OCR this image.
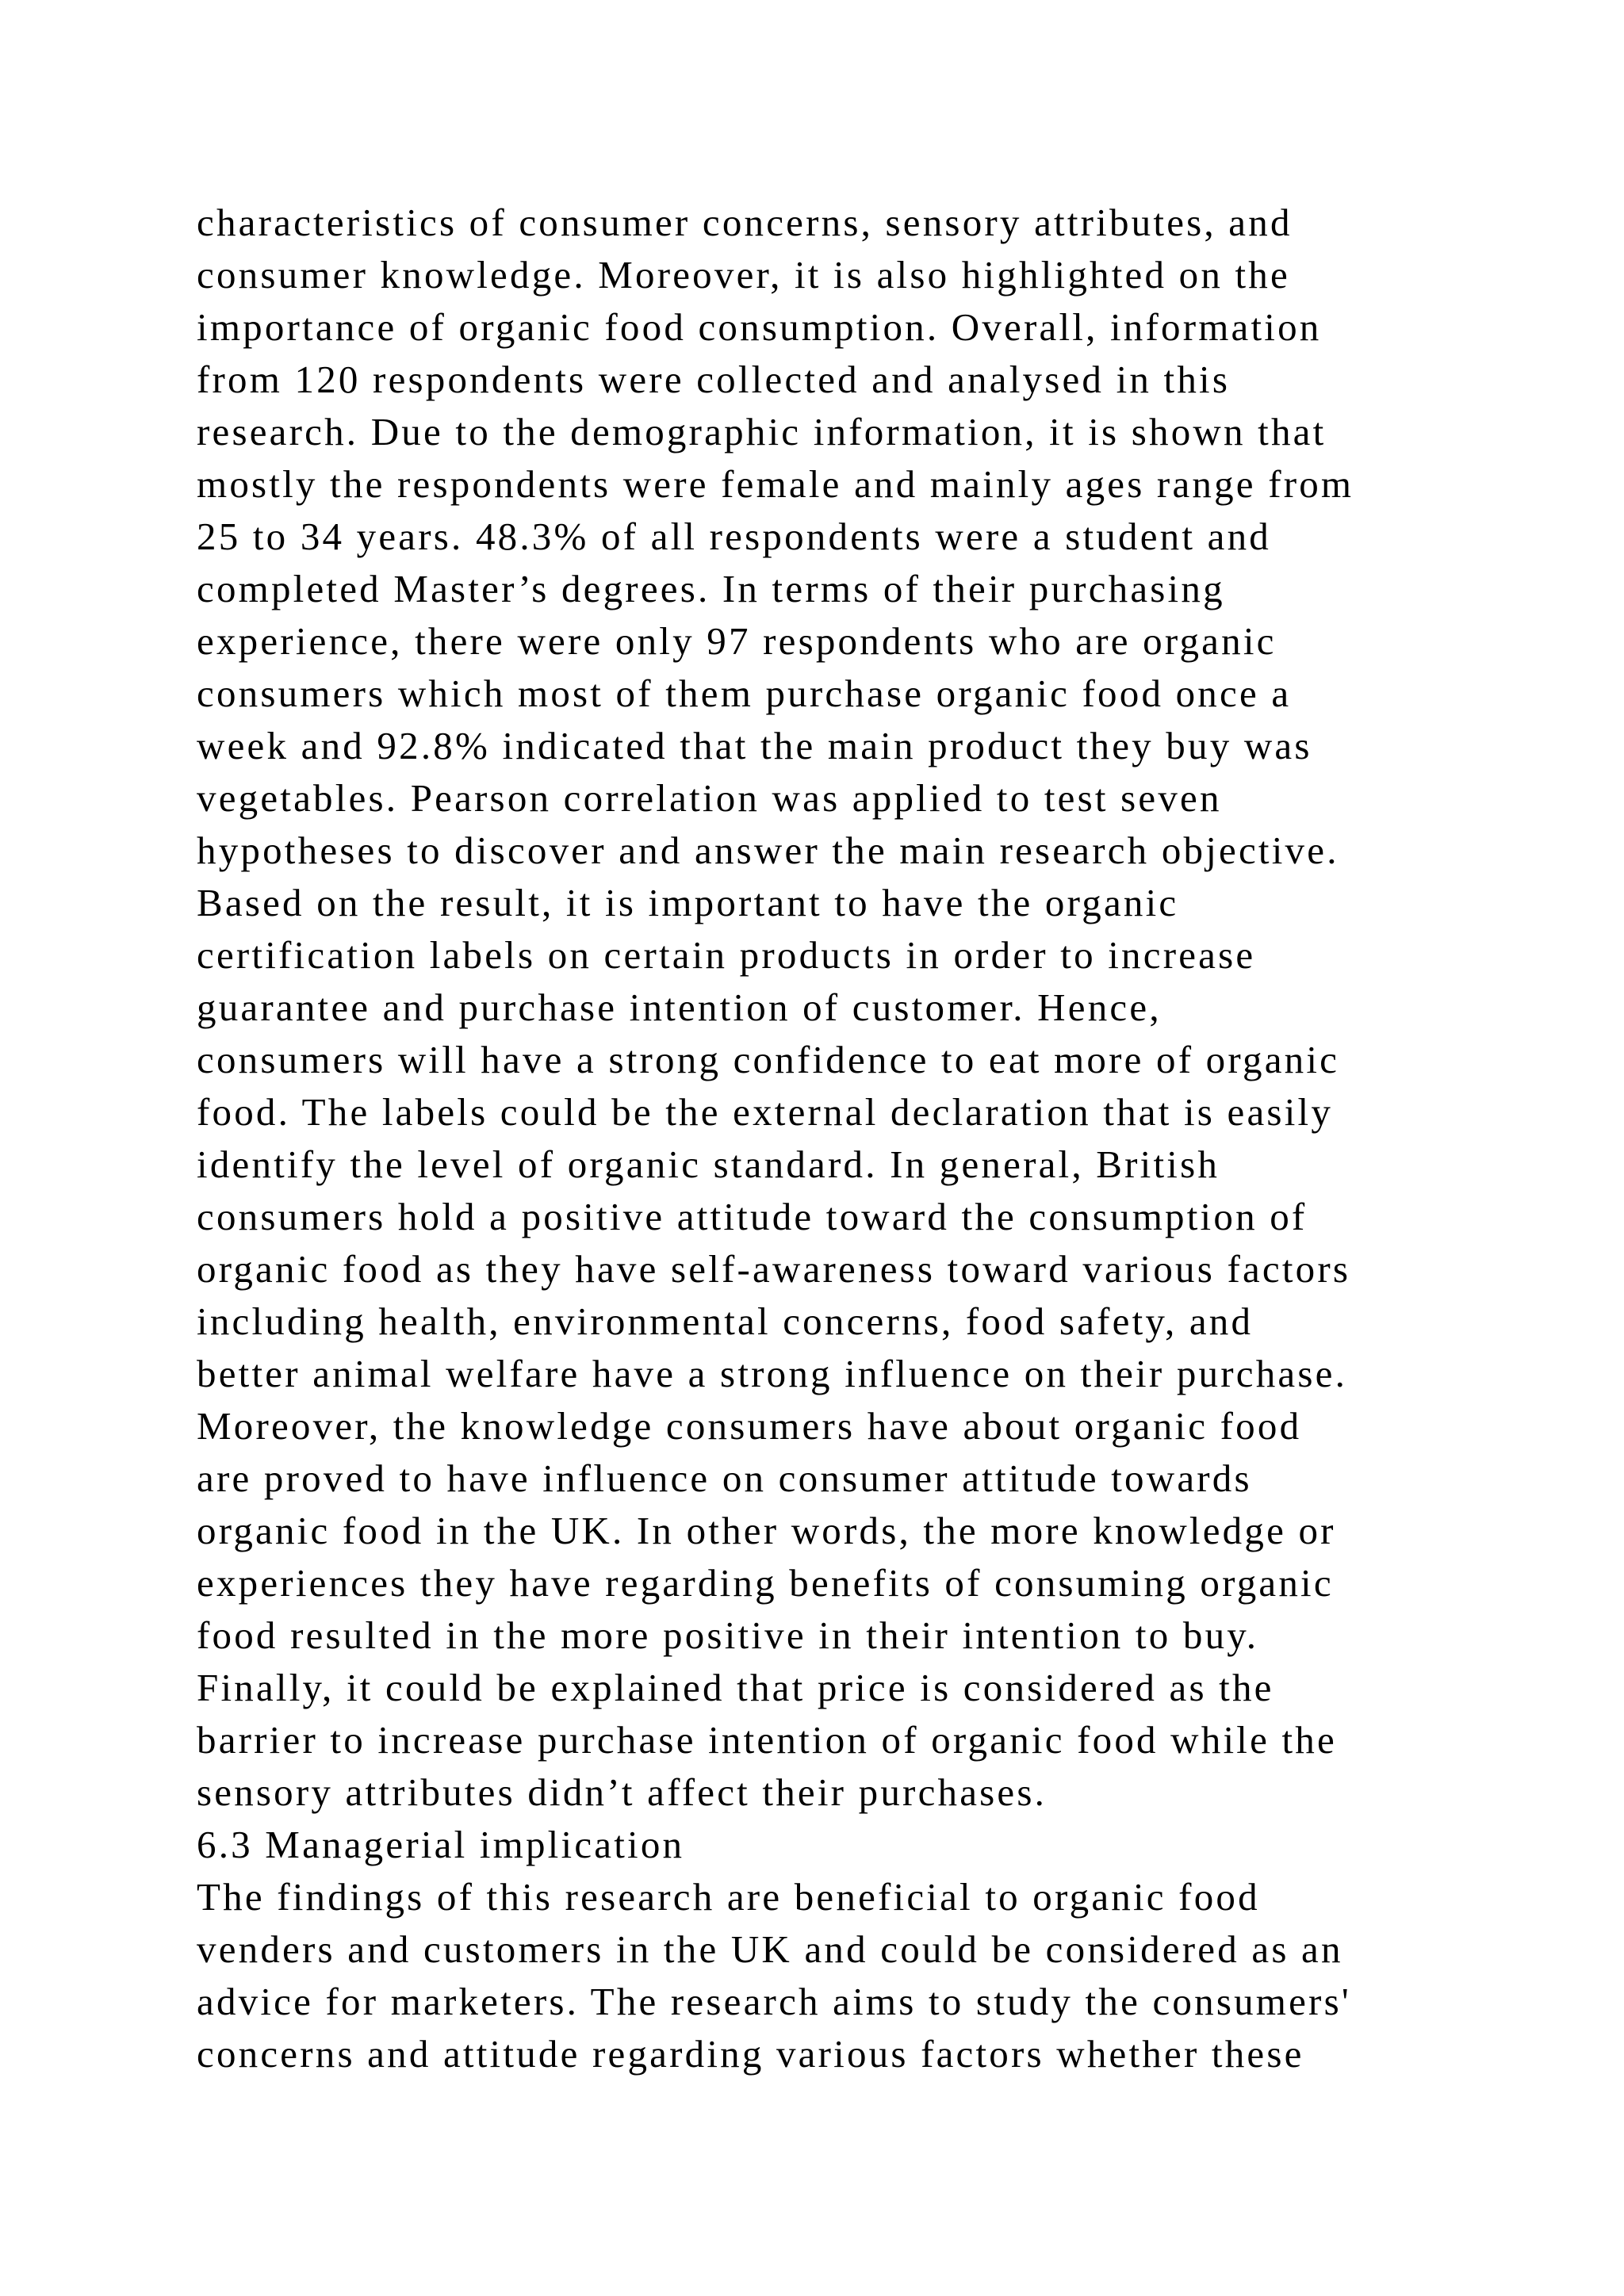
characteristics of consumer concerns, sensory attributes, and
consumer knowledge. Moreover, it is also highlighted on the
importance of organic food consumption. Overall, information
from 120 respondents were collected and analysed in this
research. Due to the demographic information, it is shown that
mostly the respondents were female and mainly ages range from
25 to 34 years. 48.3% of all respondents were a student and
completed Master’s degrees. In terms of their purchasing
experience, there were only 97 respondents who are organic
consumers which most of them purchase organic food once a
week and 92.8% indicated that the main product they buy was
vegetables. Pearson correlation was applied to test seven
hypotheses to discover and answer the main research objective.
Based on the result, it is important to have the organic
certification labels on certain products in order to increase
guarantee and purchase intention of customer. Hence,
consumers will have a strong confidence to eat more of organic
food. The labels could be the external declaration that is easily
identify the level of organic standard. In general, British
consumers hold a positive attitude toward the consumption of
organic food as they have self-awareness toward various factors
including health, environmental concerns, food safety, and
better animal welfare have a strong influence on their purchase.
Moreover, the knowledge consumers have about organic food
are proved to have influence on consumer attitude towards
organic food in the UK. In other words, the more knowledge or
experiences they have regarding benefits of consuming organic
food resulted in the more positive in their intention to buy.
Finally, it could be explained that price is considered as the
barrier to increase purchase intention of organic food while the
sensory attributes didn’t affect their purchases.
6.3 Managerial implication
The findings of this research are beneficial to organic food
venders and customers in the UK and could be considered as an
advice for marketers. The research aims to study the consumers'
concerns and attitude regarding various factors whether these
